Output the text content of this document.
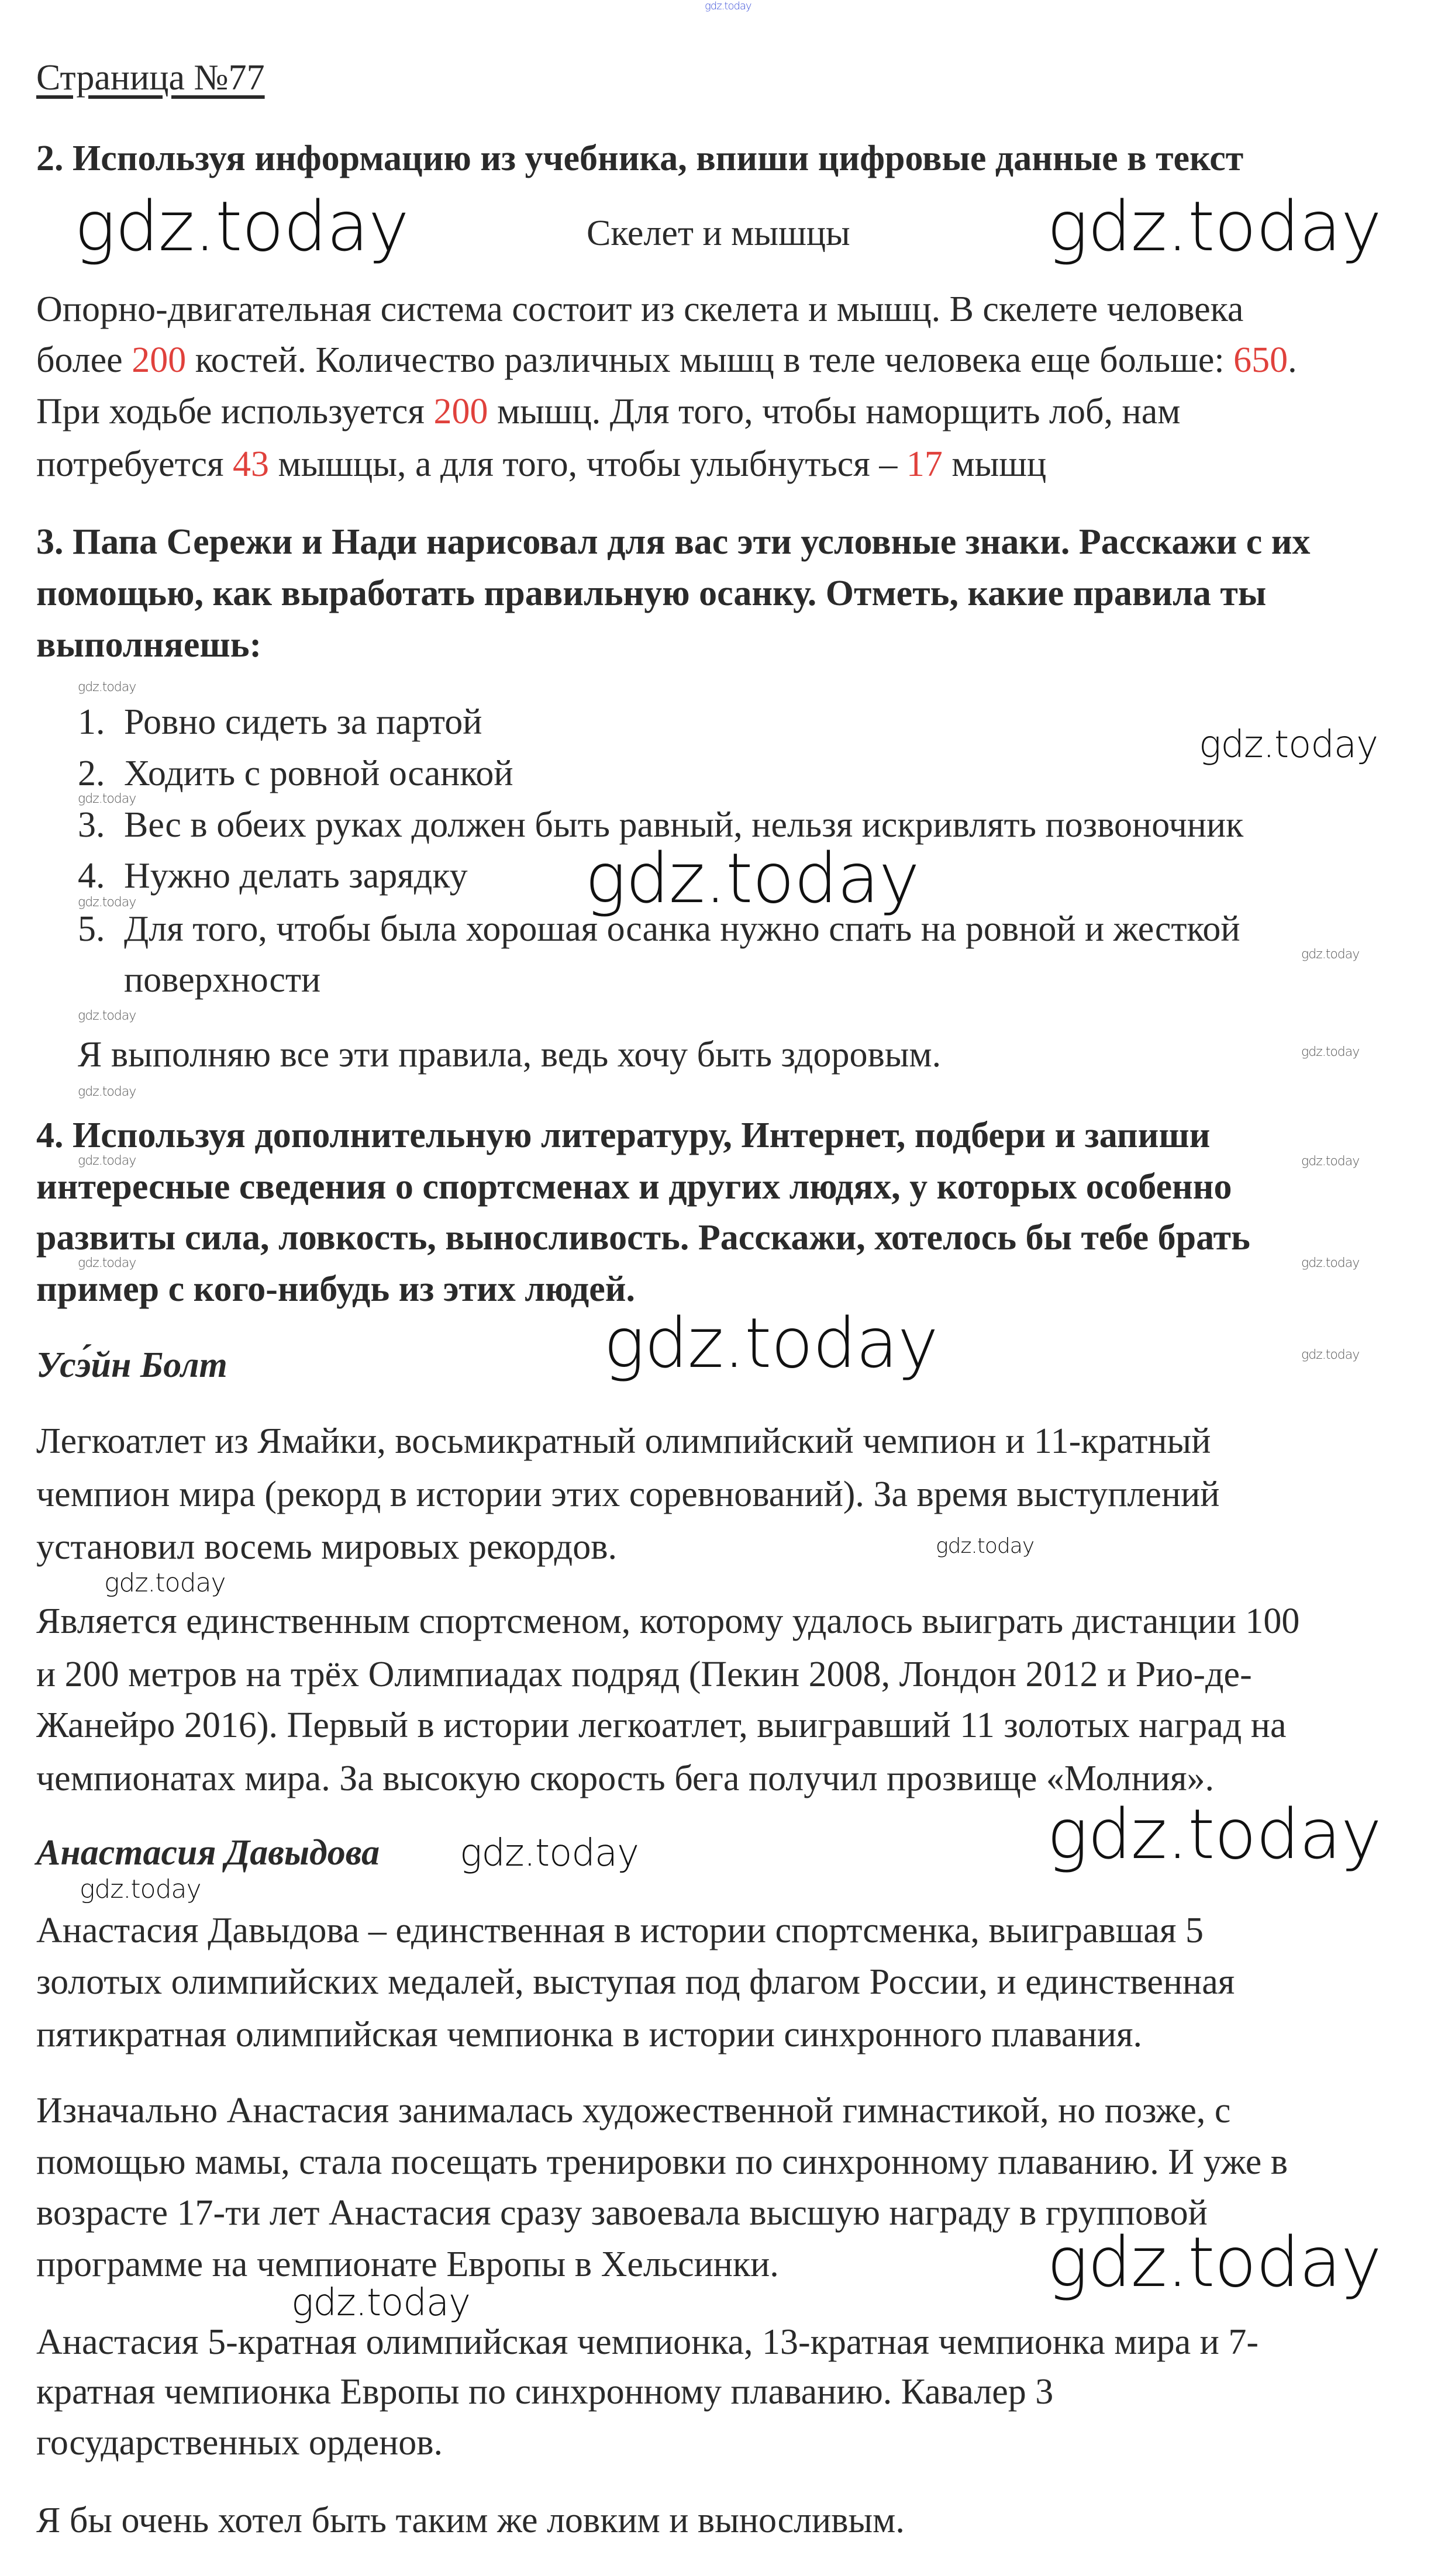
Страница №77
2. Используя информацию из учебника, впиши цифровые данные в текст
Скелет и мышцы
Опорно-двигательная система состоит из скелета и мышц. В скелете человека
более 200 костей. Количество различных мышц в теле человека еще больше: 650.
При ходьбе используется 200 мышц. Для того, чтобы наморщить лоб, нам
потребуется 43 мышцы, а для того, чтобы улыбнуться – 17 мышц
3. Папа Сережи и Нади нарисовал для вас эти условные знаки. Расскажи с их
помощью, как выработать правильную осанку. Отметь, какие правила ты
выполняешь:
1. Ровно сидеть за партой
2. Ходить с ровной осанкой
3. Вес в обеих руках должен быть равный, нельзя искривлять позвоночник
4. Нужно делать зарядку
5. Для того, чтобы была хорошая осанка нужно спать на ровной и жесткой
поверхности
Я выполняю все эти правила, ведь хочу быть здоровым.
4. Используя дополнительную литературу, Интернет, подбери и запиши
интересные сведения о спортсменах и других людях, у которых особенно
развиты сила, ловкость, выносливость. Расскажи, хотелось бы тебе брать
пример с кого-нибудь из этих людей.
Усэ́йн Болт
Легкоатлет из Ямайки, восьмикратный олимпийский чемпион и 11-кратный
чемпион мира (рекорд в истории этих соревнований). За время выступлений
установил восемь мировых рекордов.
Является единственным спортсменом, которому удалось выиграть дистанции 100
и 200 метров на трёх Олимпиадах подряд (Пекин 2008, Лондон 2012 и Рио-де-
Жанейро 2016). Первый в истории легкоатлет, выигравший 11 золотых наград на
чемпионатах мира. За высокую скорость бега получил прозвище «Молния».
Анастасия Давыдова
Анастасия Давыдова – единственная в истории спортсменка, выигравшая 5
золотых олимпийских медалей, выступая под флагом России, и единственная
пятикратная олимпийская чемпионка в истории синхронного плавания.
Изначально Анастасия занималась художественной гимнастикой, но позже, с
помощью мамы, стала посещать тренировки по синхронному плаванию. И уже в
возрасте 17-ти лет Анастасия сразу завоевала высшую награду в групповой
программе на чемпионате Европы в Хельсинки.
Анастасия 5-кратная олимпийская чемпионка, 13-кратная чемпионка мира и 7-
кратная чемпионка Европы по синхронному плаванию. Кавалер 3
государственных орденов.
Я бы очень хотел быть таким же ловким и выносливым.
gdz.today
gdz.today	gdz.today
gdz.today
gdz.today
gdz.today
gdz.today
gdz.today
gdz.today
gdz.today
gdz.today
gdz.today
gdz.today
gdz.today
gdz.today
gdz.today
gdz.today
gdz.today
gdz.today
gdz.today
gdz.today
gdz.today
gdz.today
gdz.today
gdz.today
